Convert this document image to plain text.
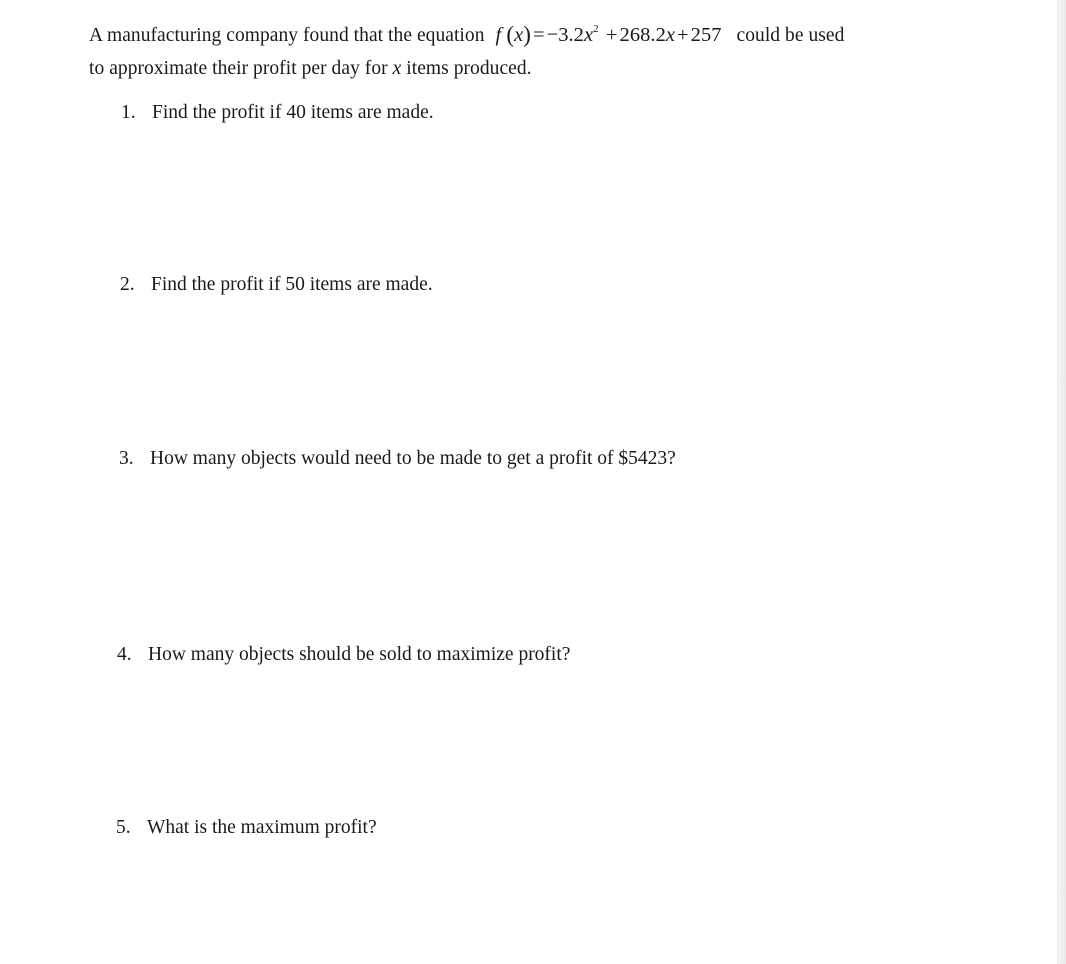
A manufacturing company found that the equation f $(x)=-3.2x^2 +268.2x+257$ could be used
to approximate their profit per day for x items produced.
1. Find the profit if 40 items are made.
2. Find the profit if 50 items are made.
3. How many objects would need to be made to get a profit of $5423?
4. How many objects should be sold to maximize profit?
5. What is the maximum profit?
